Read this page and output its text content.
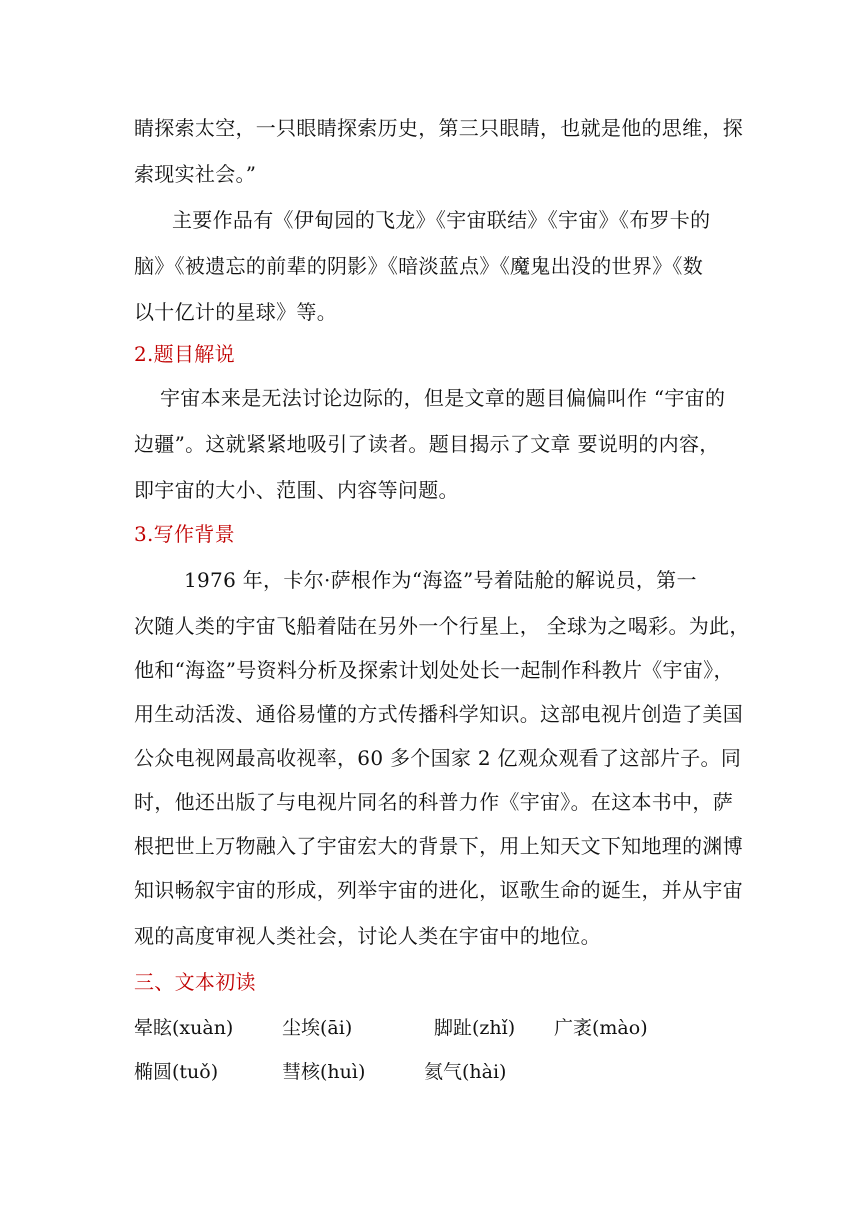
睛探索太空，一只眼睛探索历史，第三只眼睛，也就是他的思维，探
索现实社会。”
主要作品有《伊甸园的飞龙》《宇宙联结》《宇宙》《布罗卡的
脑》《被遗忘的前辈的阴影》《暗淡蓝点》《魔鬼出没的世界》《数
以十亿计的星球》等。
2.题目解说
宇宙本来是无法讨论边际的，但是文章的题目偏偏叫作 “宇宙的
边疆”。这就紧紧地吸引了读者。题目揭示了文章 要说明的内容，
即宇宙的大小、范围、内容等问题。
3.写作背景
1976 年，卡尔·萨根作为“海盗”号着陆舱的解说员，第一
次随人类的宇宙飞船着陆在另外一个行星上， 全球为之喝彩。为此，
他和“海盗”号资料分析及探索计划处处长一起制作科教片《宇宙》，
用生动活泼、通俗易懂的方式传播科学知识。这部电视片创造了美国
公众电视网最高收视率，60 多个国家 2 亿观众观看了这部片子。同
时，他还出版了与电视片同名的科普力作《宇宙》。在这本书中，萨
根把世上万物融入了宇宙宏大的背景下，用上知天文下知地理的渊博
知识畅叙宇宙的形成，列举宇宙的进化，讴歌生命的诞生，并从宇宙
观的高度审视人类社会，讨论人类在宇宙中的地位。
三、文本初读
晕眩(xuàn)	尘埃(āi)	脚趾(zhǐ) 广袤(mào)
椭圆(tuǒ)	彗核(huì)	氦气(hài)
